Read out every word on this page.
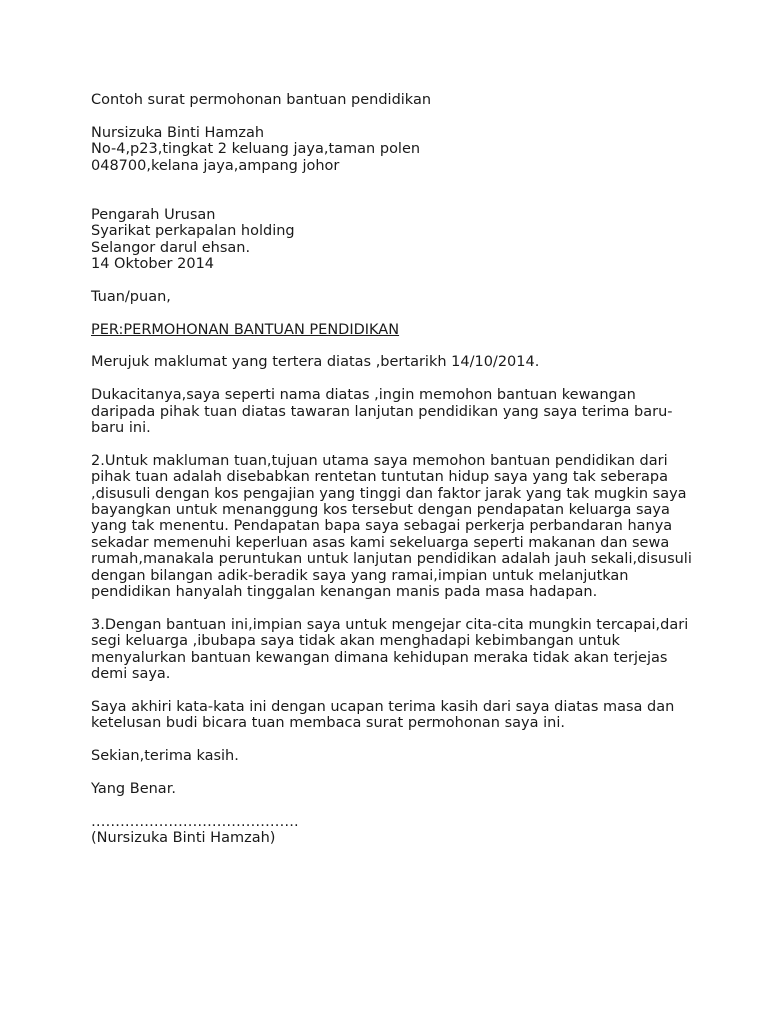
Contoh surat permohonan bantuan pendidikan
Nursizuka Binti Hamzah
No-4,p23,tingkat 2 keluang jaya,taman polen
048700,kelana jaya,ampang johor
Pengarah Urusan
Syarikat perkapalan holding
Selangor darul ehsan.
14 Oktober 2014
Tuan/puan,
PER:PERMOHONAN BANTUAN PENDIDIKAN
Merujuk maklumat yang tertera diatas ,bertarikh 14/10/2014.
Dukacitanya,saya seperti nama diatas ,ingin memohon bantuan kewangan
daripada pihak tuan diatas tawaran lanjutan pendidikan yang saya terima baru-
baru ini.
2.Untuk makluman tuan,tujuan utama saya memohon bantuan pendidikan dari
pihak tuan adalah disebabkan rentetan tuntutan hidup saya yang tak seberapa
,disusuli dengan kos pengajian yang tinggi dan faktor jarak yang tak mugkin saya
bayangkan untuk menanggung kos tersebut dengan pendapatan keluarga saya
yang tak menentu. Pendapatan bapa saya sebagai perkerja perbandaran hanya
sekadar memenuhi keperluan asas kami sekeluarga seperti makanan dan sewa
rumah,manakala peruntukan untuk lanjutan pendidikan adalah jauh sekali,disusuli
dengan bilangan adik-beradik saya yang ramai,impian untuk melanjutkan
pendidikan hanyalah tinggalan kenangan manis pada masa hadapan.
3.Dengan bantuan ini,impian saya untuk mengejar cita-cita mungkin tercapai,dari
segi keluarga ,ibubapa saya tidak akan menghadapi kebimbangan untuk
menyalurkan bantuan kewangan dimana kehidupan meraka tidak akan terjejas
demi saya.
Saya akhiri kata-kata ini dengan ucapan terima kasih dari saya diatas masa dan
ketelusan budi bicara tuan membaca surat permohonan saya ini.
Sekian,terima kasih.
Yang Benar.
…………………………………….
(Nursizuka Binti Hamzah)
